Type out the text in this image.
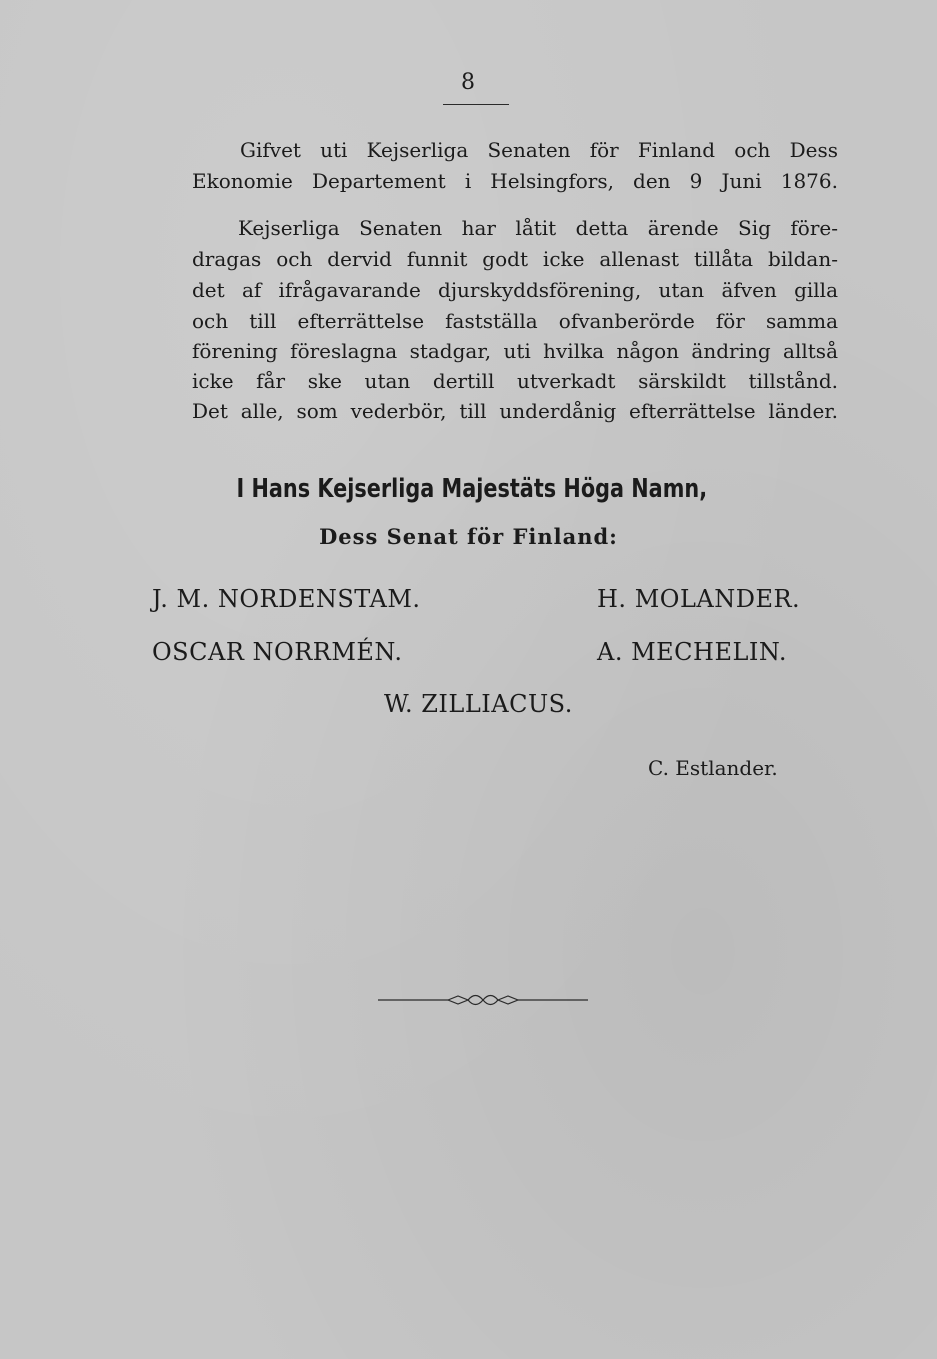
8
Gifvet uti Kejserliga Senaten för Finland och Dess
Ekonomie Departement i Helsingfors, den 9 Juni 1876.
Kejserliga Senaten har låtit detta ärende Sig före-
dragas och dervid funnit godt icke allenast tillåta bildan-
det af ifrågavarande djurskyddsförening, utan äfven gilla
och till efterrättelse fastställa ofvanberörde för samma
förening föreslagna stadgar, uti hvilka någon ändring alltså
icke får ske utan dertill utverkadt särskildt tillstånd.
Det alle, som vederbör, till underdånig efterrättelse länder.
I Hans Kejserliga Majestäts Höga Namn,
Dess Senat för Finland:
J. M. NORDENSTAM.	H. MOLANDER.
OSCAR NORRMÉN.	A. MECHELIN.
W. ZILLIACUS.
C. Estlander.
